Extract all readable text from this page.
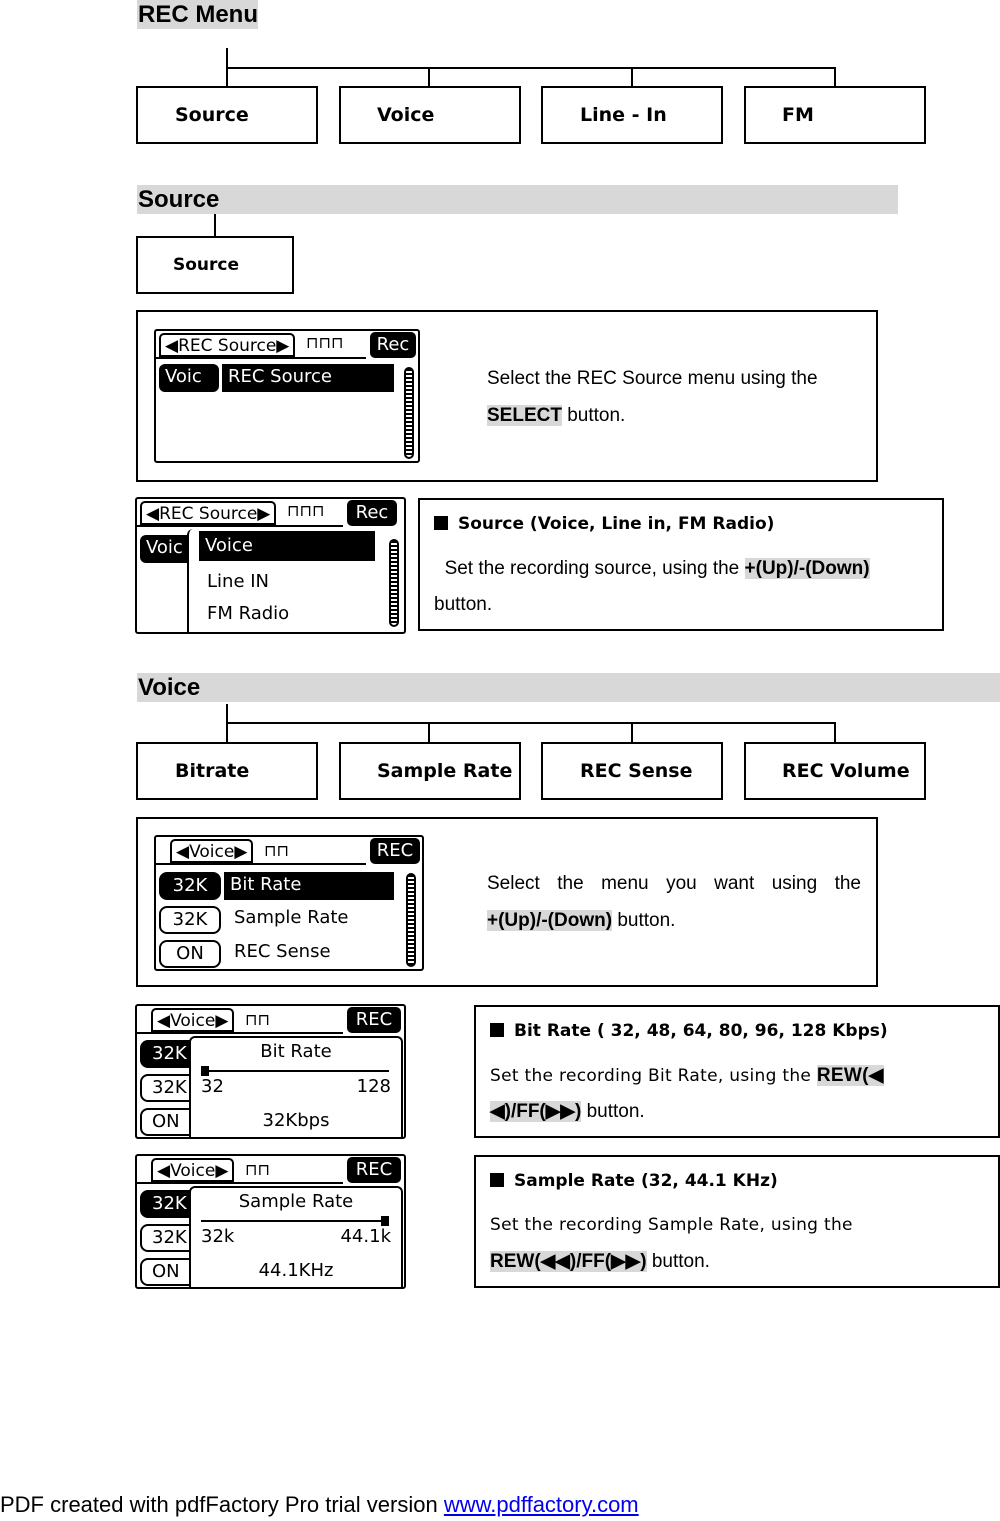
REC Menu
Source	Voice	Line - In	FM
Source
Source
◀REC Source▶	⊓⊓⊓	Rec
Voic	REC Source	Select the REC Source menu using the
SELECT button.
◀REC Source▶	⊓⊓⊓	Rec
Voic	Voice
Line IN
FM Radio
Source (Voice, Line in, FM Radio)
Set the recording source, using the +(Up)/-(Down)
button.
Voice
Bitrate	Sample Rate	REC Sense	REC Volume
◀Voice▶	⊓⊓	REC
32K	Bit Rate
32K	Sample Rate
ON	REC Sense
Select the menu you want using the
+(Up)/-(Down) button.
◀Voice▶	⊓⊓	REC
32K
32K
ON
Bit Rate
32	128
32Kbps
Bit Rate ( 32, 48, 64, 80, 96, 128 Kbps)
Set the recording Bit Rate, using the REW(◀
◀)/FF(▶▶) button.
◀Voice▶	⊓⊓	REC
32K
32K
ON
Sample Rate
32k	44.1k
44.1KHz
Sample Rate (32, 44.1 KHz)
Set the recording Sample Rate, using the
REW(◀◀)/FF(▶▶) button.
PDF created with pdfFactory Pro trial version www.pdffactory.com
